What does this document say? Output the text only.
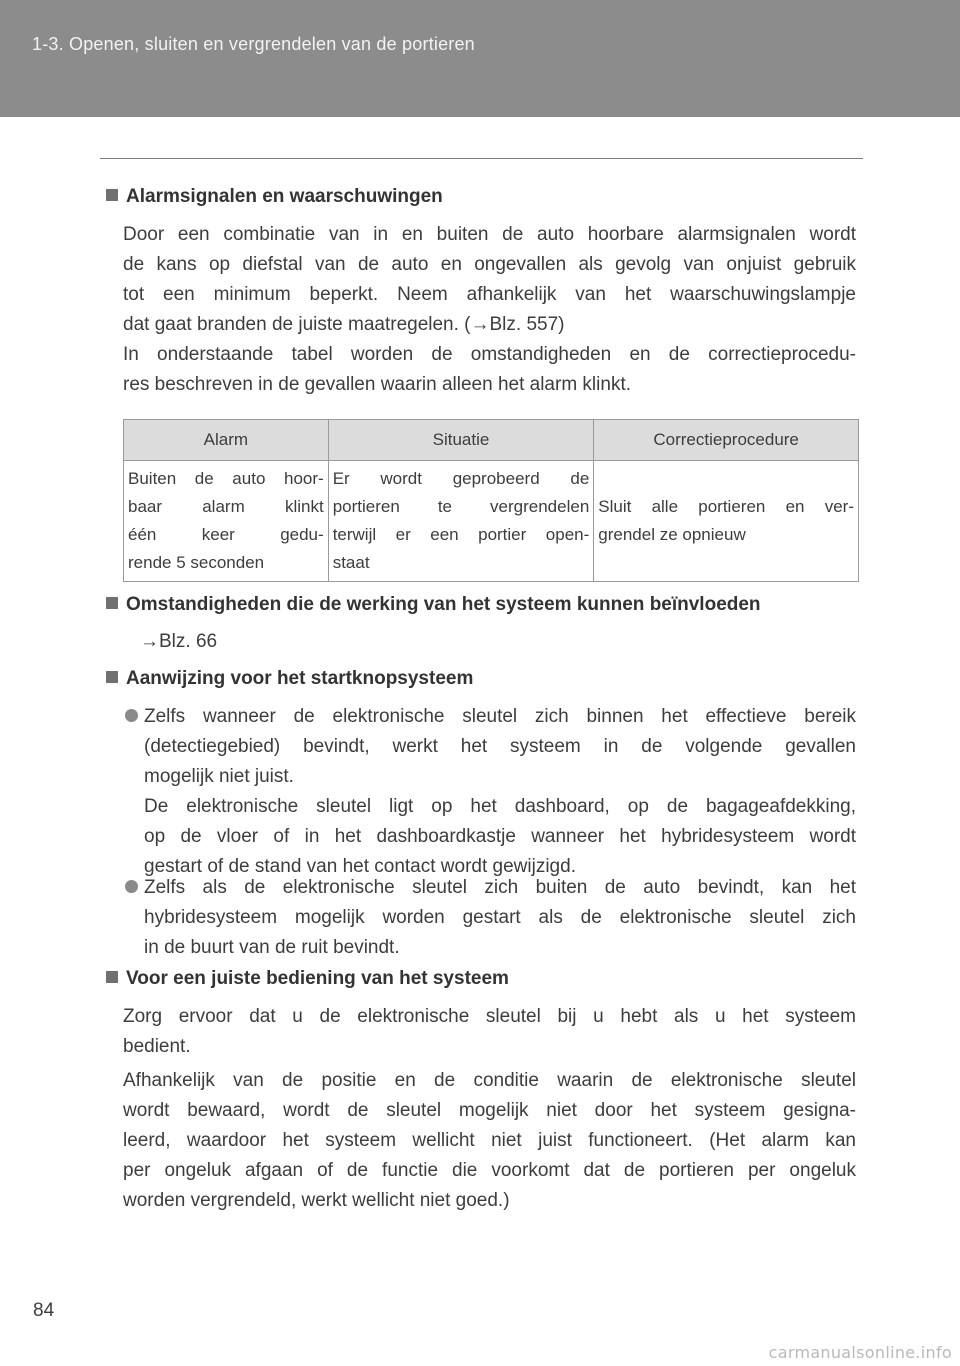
1-3. Openen, sluiten en vergrendelen van de portieren
Alarmsignalen en waarschuwingen
Door een combinatie van in en buiten de auto hoorbare alarmsignalen wordt
de kans op diefstal van de auto en ongevallen als gevolg van onjuist gebruik
tot een minimum beperkt. Neem afhankelijk van het waarschuwingslampje
dat gaat branden de juiste maatregelen. (→Blz. 557)
In onderstaande tabel worden de omstandigheden en de correctieprocedu-
res beschreven in de gevallen waarin alleen het alarm klinkt.
Alarm	Situatie	Correctieprocedure

Buiten de auto hoor-
baar alarm klinkt
één keer gedu-
rende 5 seconden	Er wordt geprobeerd de
portieren te vergrendelen
terwijl er een portier open-
staat	Sluit alle portieren en ver-
grendel ze opnieuw
Omstandigheden die de werking van het systeem kunnen beïnvloeden
→Blz. 66
Aanwijzing voor het startknopsysteem
Zelfs wanneer de elektronische sleutel zich binnen het effectieve bereik
(detectiegebied) bevindt, werkt het systeem in de volgende gevallen
mogelijk niet juist.
De elektronische sleutel ligt op het dashboard, op de bagageafdekking,
op de vloer of in het dashboardkastje wanneer het hybridesysteem wordt
gestart of de stand van het contact wordt gewijzigd.
Zelfs als de elektronische sleutel zich buiten de auto bevindt, kan het
hybridesysteem mogelijk worden gestart als de elektronische sleutel zich
in de buurt van de ruit bevindt.
Voor een juiste bediening van het systeem
Zorg ervoor dat u de elektronische sleutel bij u hebt als u het systeem
bedient.
Afhankelijk van de positie en de conditie waarin de elektronische sleutel
wordt bewaard, wordt de sleutel mogelijk niet door het systeem gesigna-
leerd, waardoor het systeem wellicht niet juist functioneert. (Het alarm kan
per ongeluk afgaan of de functie die voorkomt dat de portieren per ongeluk
worden vergrendeld, werkt wellicht niet goed.)
84
carmanualsonline.info
